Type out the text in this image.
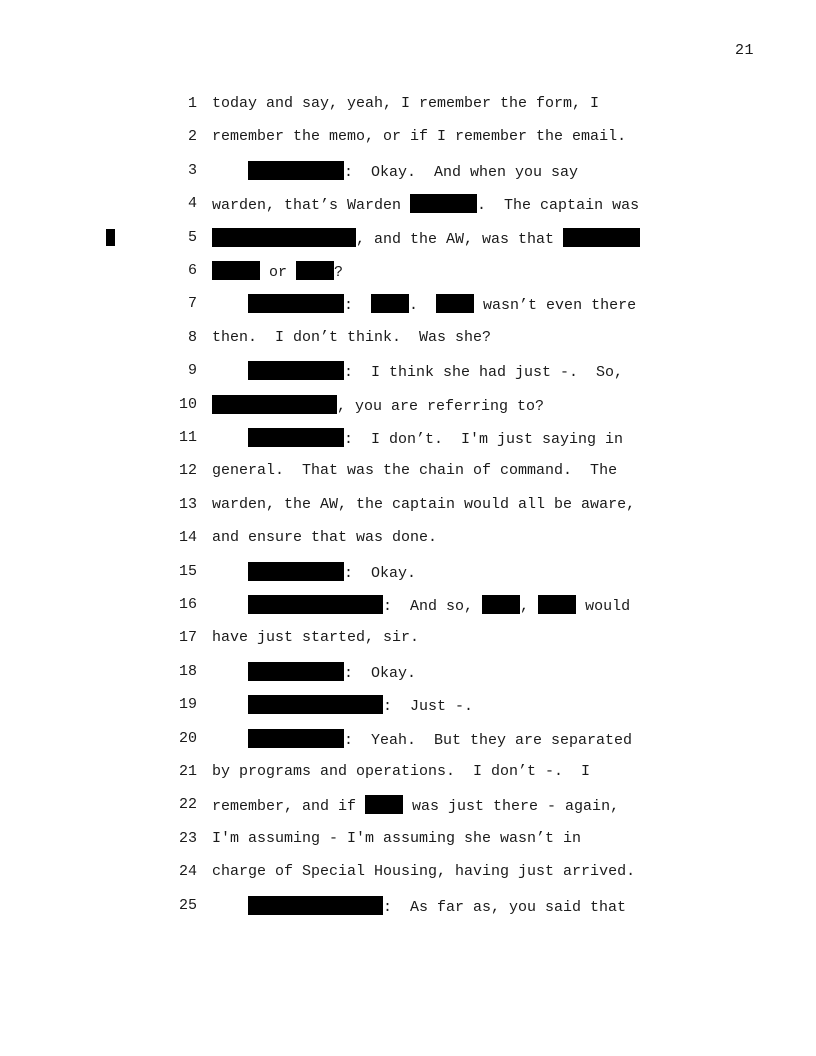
21
1 today and say, yeah, I remember the form, I
2 remember the memo, or if I remember the email.
3	:  Okay.  And when you say
4 warden, that’s Warden	.  The captain was
5	, and the AW, was that
6	or	?
7	:	.	wasn’t even there
8 then.  I don’t think.  Was she?
9	:  I think she had just -.  So,
10	, you are referring to?
11	:  I don’t.  I'm just saying in
12 general.  That was the chain of command.  The
13 warden, the AW, the captain would all be aware,
14 and ensure that was done.
15	:  Okay.
16	:  And so,	,	would
17 have just started, sir.
18	:  Okay.
19	:  Just -.
20	:  Yeah.  But they are separated
21 by programs and operations.  I don’t -.  I
22 remember, and if	was just there - again,
23 I'm assuming - I'm assuming she wasn’t in
24 charge of Special Housing, having just arrived.
25	:  As far as, you said that
